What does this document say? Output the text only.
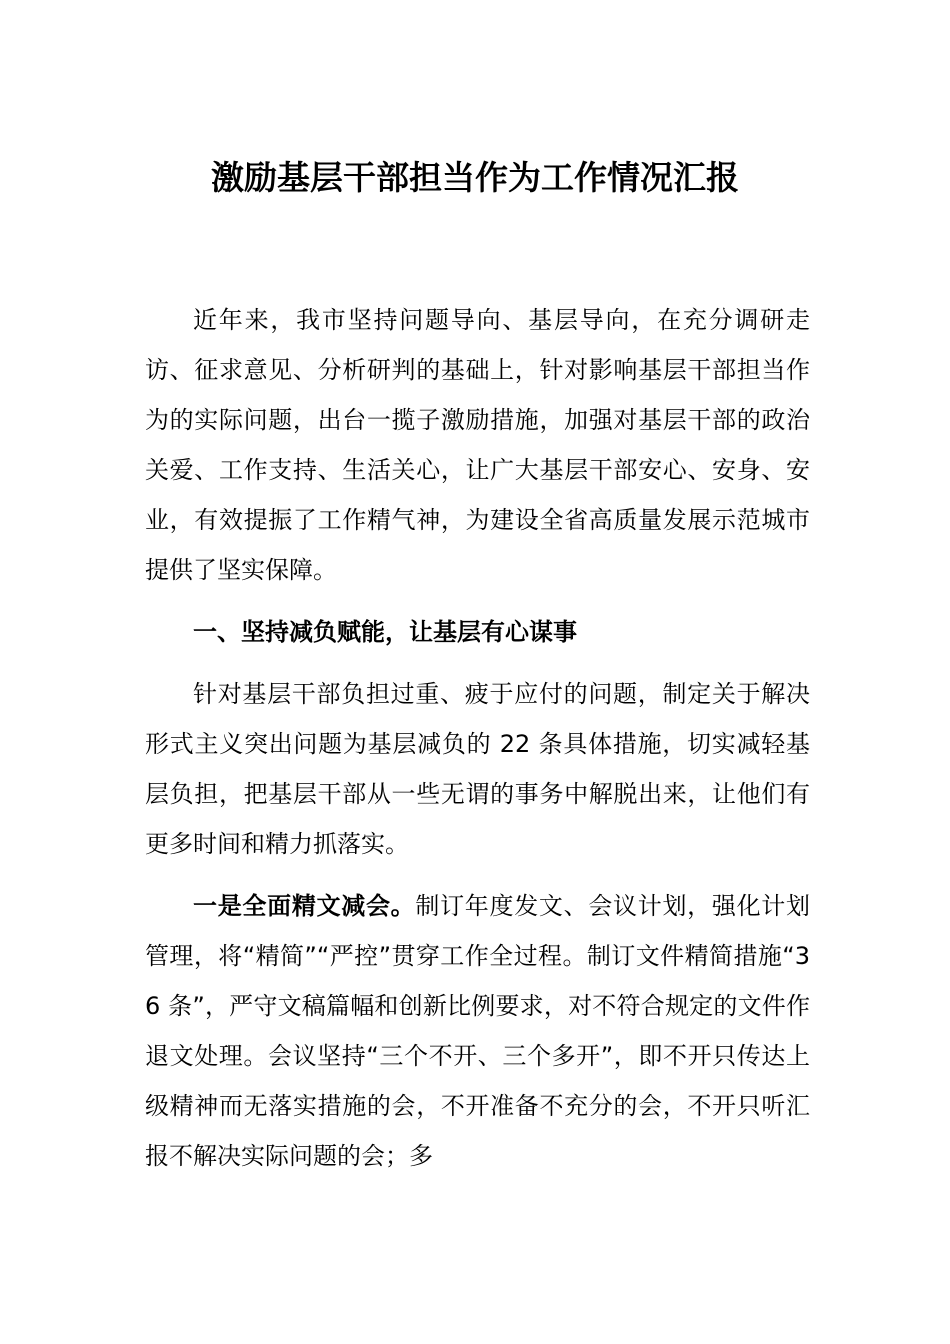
激励基层干部担当作为工作情况汇报

近年来，我市坚持问题导向、基层导向，在充分调研走访、征求意见、分析研判的基础上，针对影响基层干部担当作为的实际问题，出台一揽子激励措施，加强对基层干部的政治关爱、工作支持、生活关心，让广大基层干部安心、安身、安业，有效提振了工作精气神，为建设全省高质量发展示范城市提供了坚实保障。

一、坚持减负赋能，让基层有心谋事

针对基层干部负担过重、疲于应付的问题，制定关于解决形式主义突出问题为基层减负的 22 条具体措施，切实减轻基层负担，把基层干部从一些无谓的事务中解脱出来，让他们有更多时间和精力抓落实。

一是全面精文减会。制订年度发文、会议计划，强化计划管理，将“精简”“严控”贯穿工作全过程。制订文件精简措施“36 条”，严守文稿篇幅和创新比例要求，对不符合规定的文件作退文处理。会议坚持“三个不开、三个多开”，即不开只传达上级精神而无落实措施的会，不开准备不充分的会，不开只听汇报不解决实际问题的会；多
